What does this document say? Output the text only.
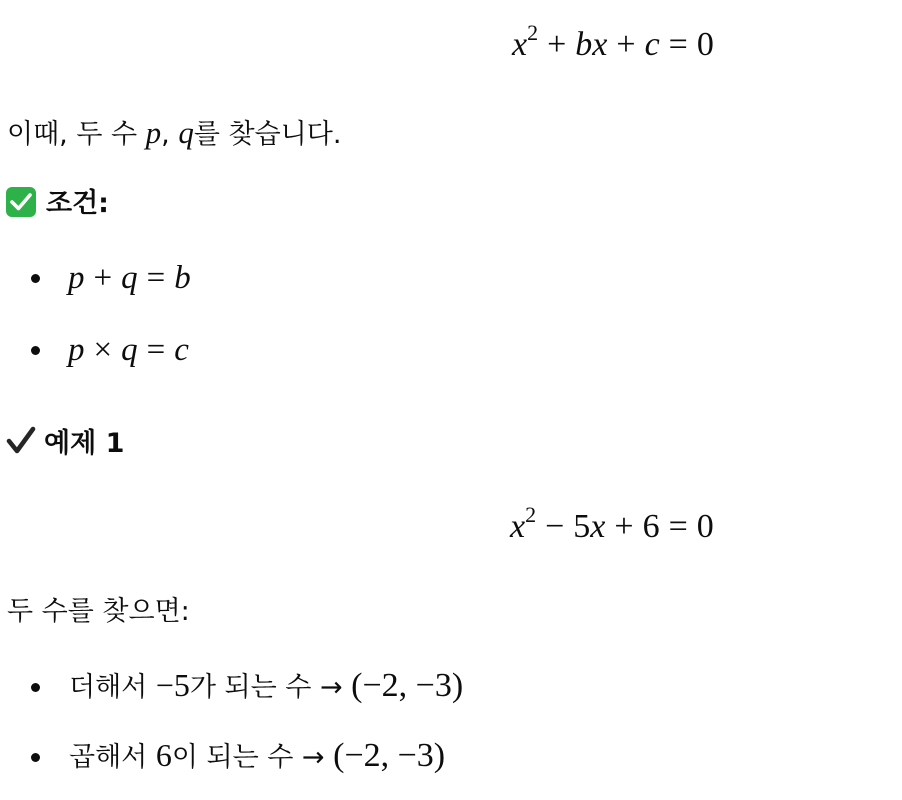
$x^2$ + bx + c = 0
이때, 두 수 p, q를 찾습니다.
조건:
p + q = b
p × q = c
예제 1
$x^2 - 5x + 6 = 0$
두 수를 찾으면:
더해서 −5가 되는 수 → (−2, −3)
곱해서 6이 되는 수 → (−2, −3)
